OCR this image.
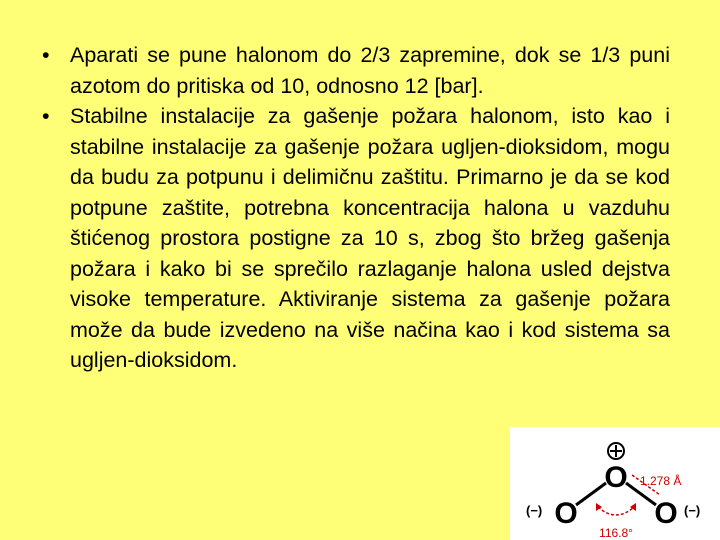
• Aparati se pune halonom do 2/3 zapremine, dok se 1/3 puni azotom do pritiska od 10, odnosno 12 [bar].
• Stabilne instalacije za gašenje požara halonom, isto kao i stabilne instalacije za gašenje požara ugljen-dioksidom, mogu da budu za potpunu i delimičnu zaštitu. Primarno je da se kod potpune zaštite, potrebna koncentracija halona u vazduhu štićenog prostora postigne za 10 s, zbog što bržeg gašenja požara i kako bi se sprečilo razlaganje halona usled dejstva visoke temperature. Aktiviranje sistema za gašenje požara može da bude izvedeno na više načina kao i kod sistema sa ugljen-dioksidom.
O
O	O
(−)	(−)
1.278 Å
116.8°
